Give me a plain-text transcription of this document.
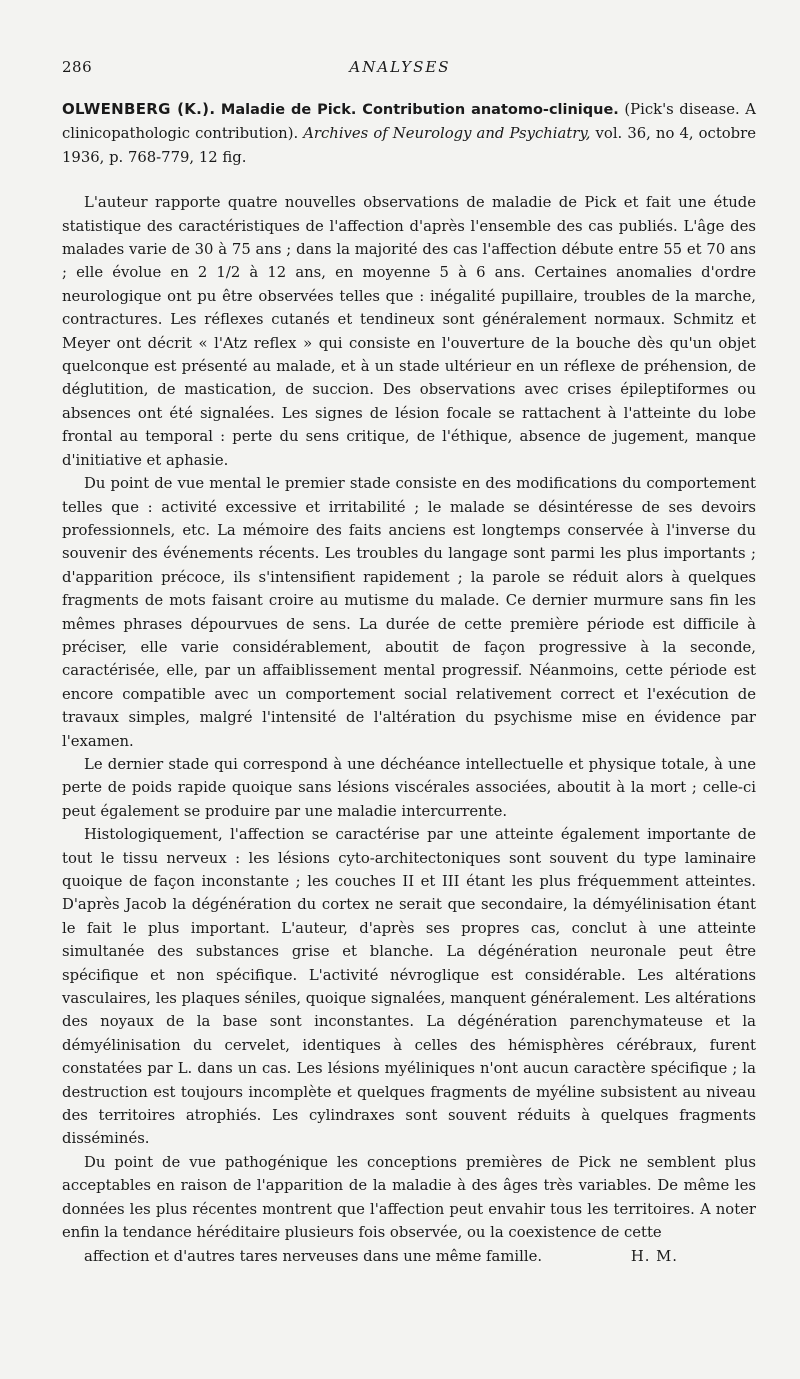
286	ANALYSES
OLWENBERG (K.). Maladie de Pick. Contribution anatomo-clinique. (Pick's disease. A clinicopathologic contribution). Archives of Neurology and Psychiatry, vol. 36, no 4, octobre 1936, p. 768-779, 12 fig.

L'auteur rapporte quatre nouvelles observations de maladie de Pick et fait une étude statistique des caractéristiques de l'affection d'après l'ensemble des cas publiés. L'âge des malades varie de 30 à 75 ans ; dans la majorité des cas l'affection débute entre 55 et 70 ans ; elle évolue en 2 1/2 à 12 ans, en moyenne 5 à 6 ans. Certaines anomalies d'ordre neurologique ont pu être observées telles que : inégalité pupillaire, troubles de la marche, contractures. Les réflexes cutanés et tendineux sont généralement normaux. Schmitz et Meyer ont décrit « l'Atz reflex » qui consiste en l'ouverture de la bouche dès qu'un objet quelconque est présenté au malade, et à un stade ultérieur en un réflexe de préhension, de déglutition, de mastication, de succion. Des observations avec crises épileptiformes ou absences ont été signalées. Les signes de lésion focale se rattachent à l'atteinte du lobe frontal au temporal : perte du sens critique, de l'éthique, absence de jugement, manque d'initiative et aphasie.

Du point de vue mental le premier stade consiste en des modifications du comportement telles que : activité excessive et irritabilité ; le malade se désintéresse de ses devoirs professionnels, etc. La mémoire des faits anciens est longtemps conservée à l'inverse du souvenir des événements récents. Les troubles du langage sont parmi les plus importants ; d'apparition précoce, ils s'intensifient rapidement ; la parole se réduit alors à quelques fragments de mots faisant croire au mutisme du malade. Ce dernier murmure sans fin les mêmes phrases dépourvues de sens. La durée de cette première période est difficile à préciser, elle varie considérablement, aboutit de façon progressive à la seconde, caractérisée, elle, par un affaiblissement mental progressif. Néanmoins, cette période est encore compatible avec un comportement social relativement correct et l'exécution de travaux simples, malgré l'intensité de l'altération du psychisme mise en évidence par l'examen.

Le dernier stade qui correspond à une déchéance intellectuelle et physique totale, à une perte de poids rapide quoique sans lésions viscérales associées, aboutit à la mort ; celle-ci peut également se produire par une maladie intercurrente.

Histologiquement, l'affection se caractérise par une atteinte également importante de tout le tissu nerveux : les lésions cyto-architectoniques sont souvent du type laminaire quoique de façon inconstante ; les couches II et III étant les plus fréquemment atteintes. D'après Jacob la dégénération du cortex ne serait que secondaire, la démyélinisation étant le fait le plus important. L'auteur, d'après ses propres cas, conclut à une atteinte simultanée des substances grise et blanche. La dégénération neuronale peut être spécifique et non spécifique. L'activité névroglique est considérable. Les altérations vasculaires, les plaques séniles, quoique signalées, manquent généralement. Les altérations des noyaux de la base sont inconstantes. La dégénération parenchymateuse et la démyélinisation du cervelet, identiques à celles des hémisphères cérébraux, furent constatées par L. dans un cas. Les lésions myéliniques n'ont aucun caractère spécifique ; la destruction est toujours incomplète et quelques fragments de myéline subsistent au niveau des territoires atrophiés. Les cylindraxes sont souvent réduits à quelques fragments disséminés.

Du point de vue pathogénique les conceptions premières de Pick ne semblent plus acceptables en raison de l'apparition de la maladie à des âges très variables. De même les données les plus récentes montrent que l'affection peut envahir tous les territoires. A noter enfin la tendance héréditaire plusieurs fois observée, ou la coexistence de cette
affection et d'autres tares nerveuses dans une même famille.	H. M.
